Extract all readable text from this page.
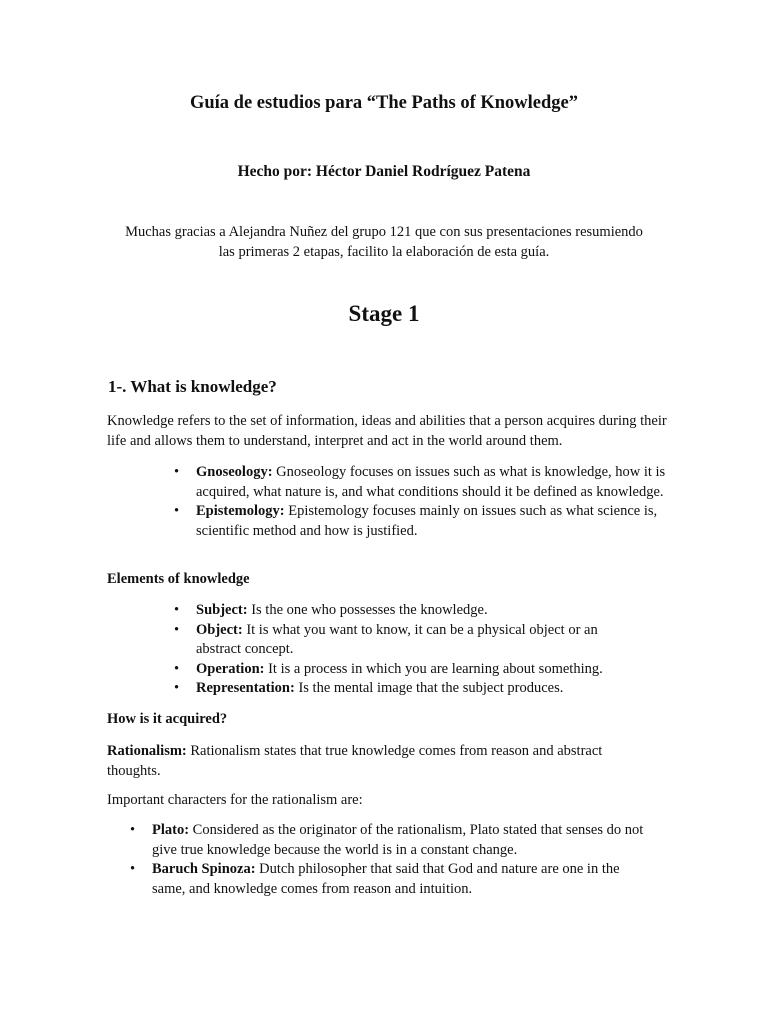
Guía de estudios para “The Paths of Knowledge”
Hecho por: Héctor Daniel Rodríguez Patena
Muchas gracias a Alejandra Nuñez del grupo 121 que con sus presentaciones resumiendo
las primeras 2 etapas, facilito la elaboración de esta guía.
Stage 1
1-. What is knowledge?
Knowledge refers to the set of information, ideas and abilities that a person acquires during their life and allows them to understand, interpret and act in the world around them.
• Gnoseology: Gnoseology focuses on issues such as what is knowledge, how it is acquired, what nature is, and what conditions should it be defined as knowledge.
• Epistemology: Epistemology focuses mainly on issues such as what science is, scientific method and how is justified.
Elements of knowledge
• Subject: Is the one who possesses the knowledge.
• Object: It is what you want to know, it can be a physical object or an abstract concept.
• Operation: It is a process in which you are learning about something.
• Representation: Is the mental image that the subject produces.
How is it acquired?
Rationalism: Rationalism states that true knowledge comes from reason and abstract thoughts.
Important characters for the rationalism are:
• Plato: Considered as the originator of the rationalism, Plato stated that senses do not give true knowledge because the world is in a constant change.
• Baruch Spinoza: Dutch philosopher that said that God and nature are one in the same, and knowledge comes from reason and intuition.
